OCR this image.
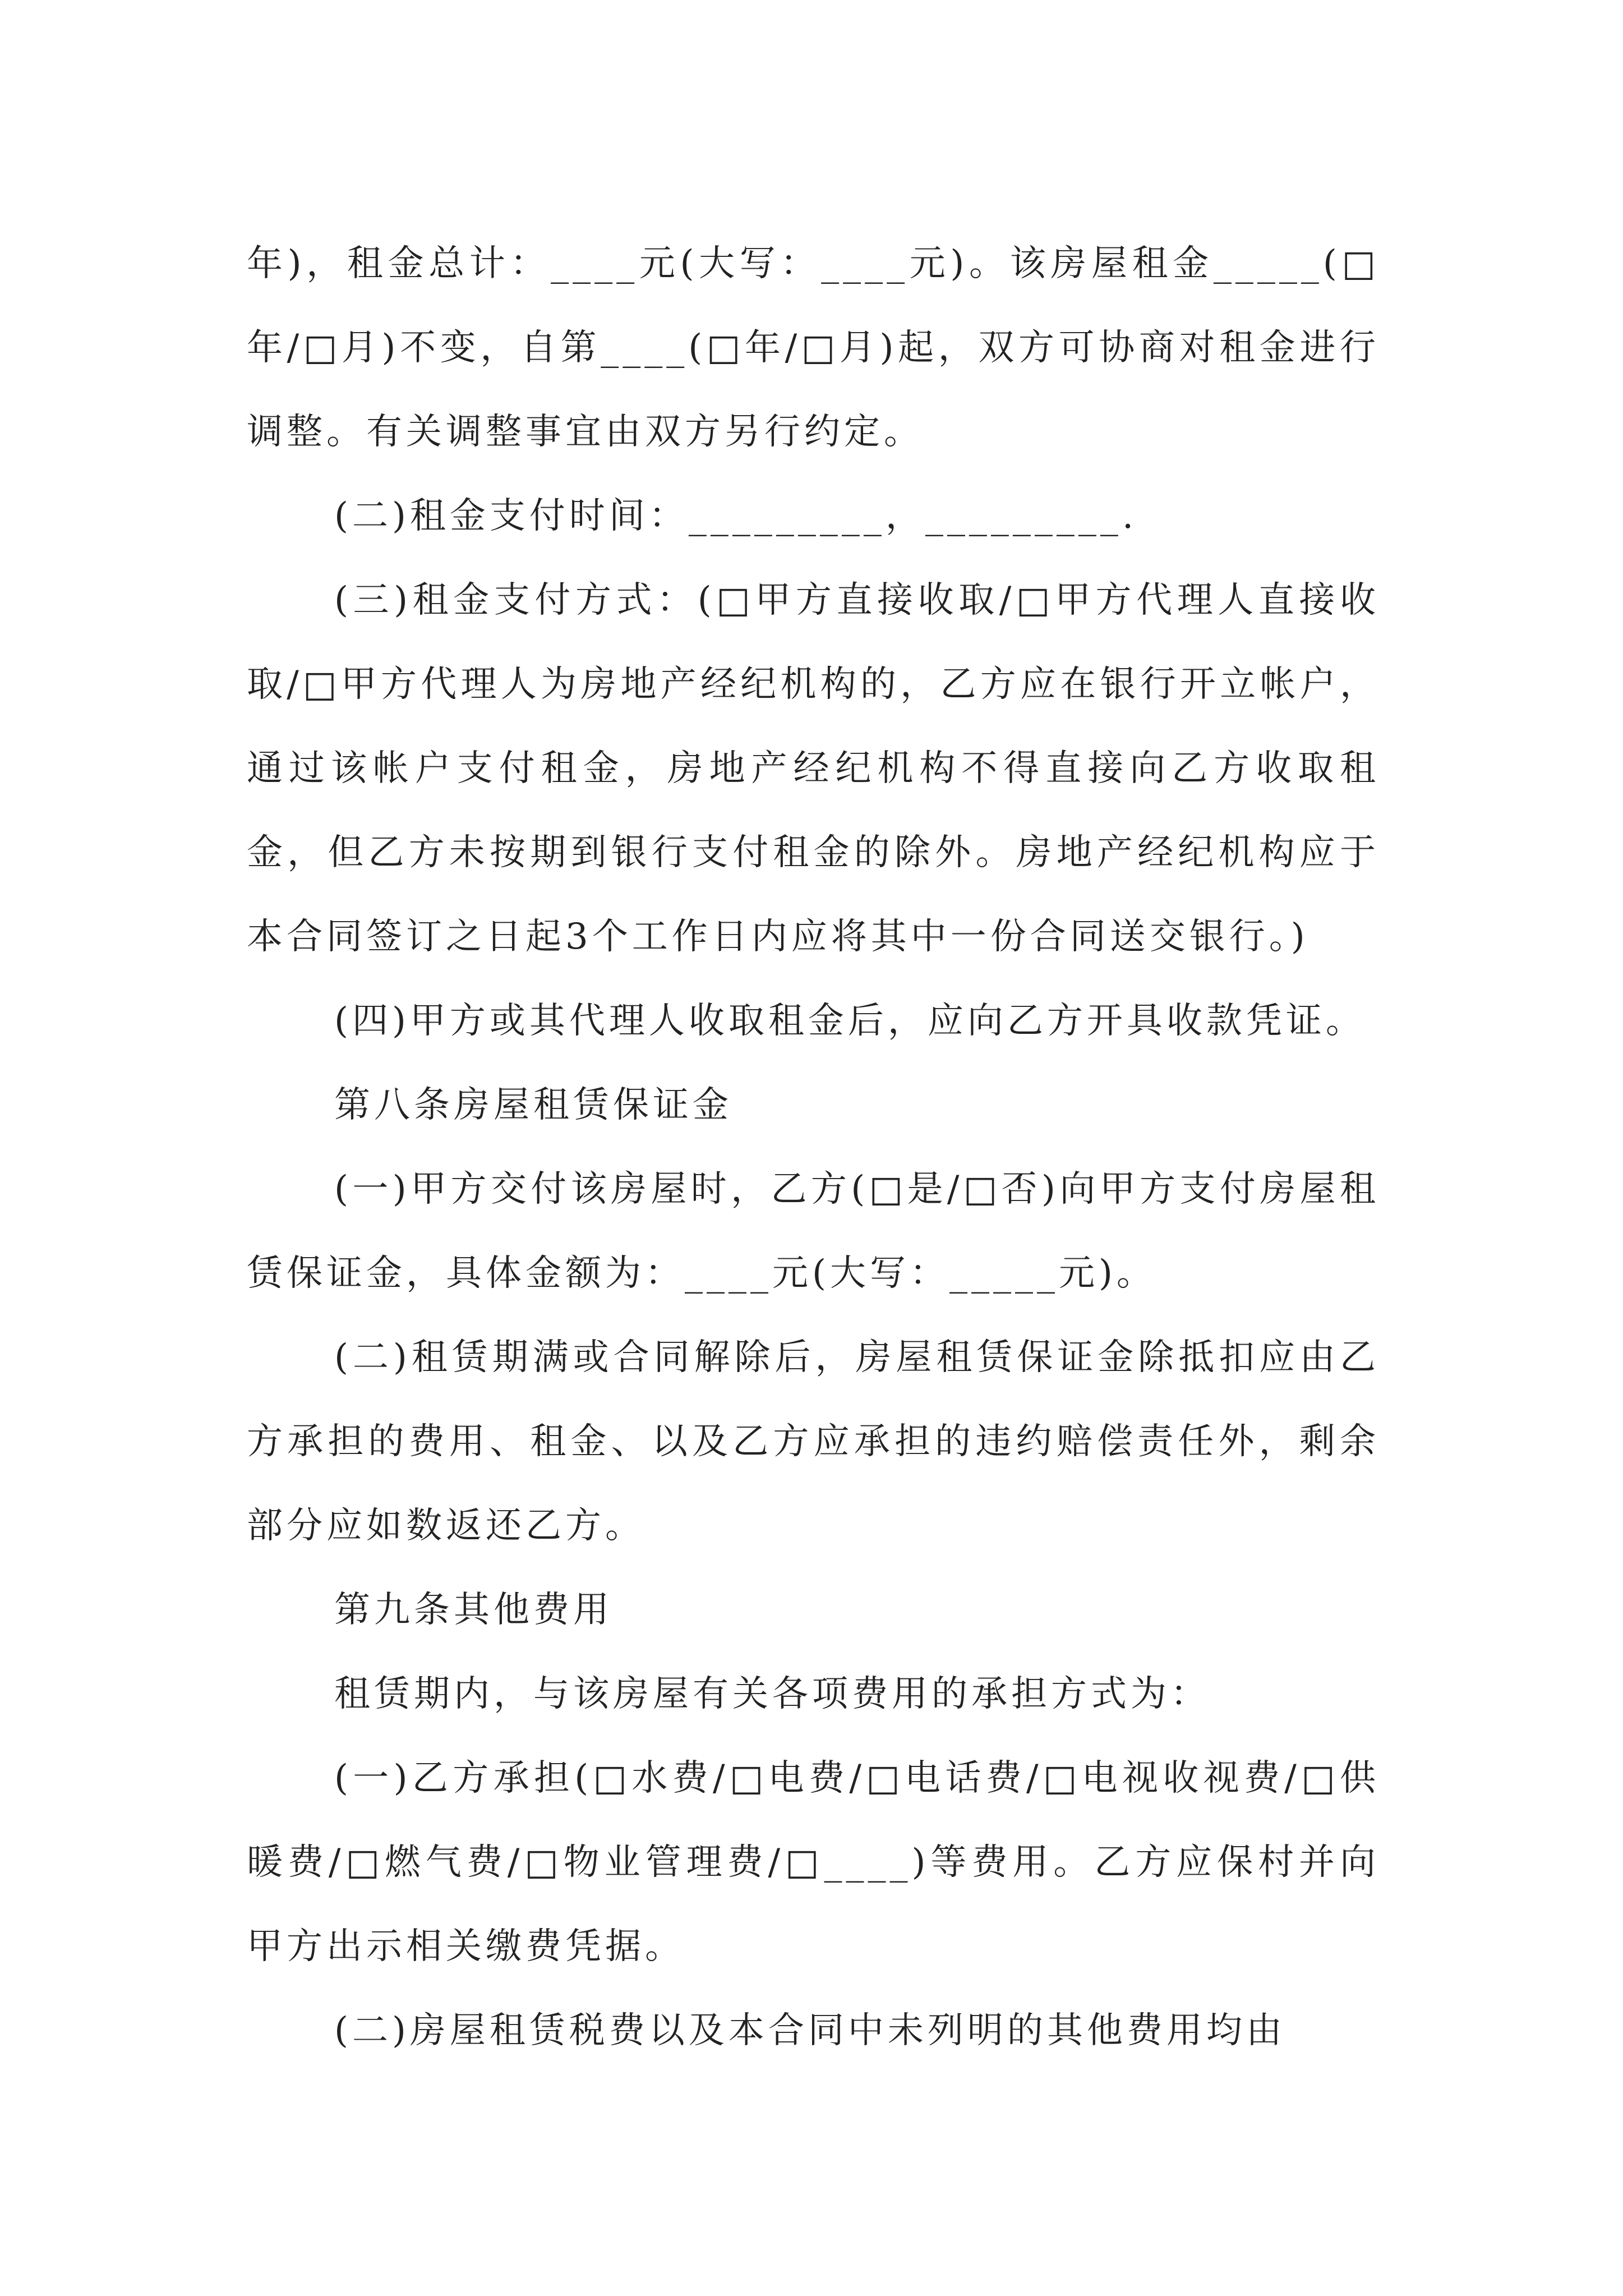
年)，租金总计：____元(大写：____元)。该房屋租金_____(□年/□月)不变，自第____(□年/□月)起，双方可协商对租金进行调整。有关调整事宜由双方另行约定。

(二)租金支付时间：_________，_________.

(三)租金支付方式：(□甲方直接收取/□甲方代理人直接收取/□甲方代理人为房地产经纪机构的，乙方应在银行开立帐户，通过该帐户支付租金，房地产经纪机构不得直接向乙方收取租金，但乙方未按期到银行支付租金的除外。房地产经纪机构应于本合同签订之日起3个工作日内应将其中一份合同送交银行。)

(四)甲方或其代理人收取租金后，应向乙方开具收款凭证。

第八条房屋租赁保证金

(一)甲方交付该房屋时，乙方(□是/□否)向甲方支付房屋租赁保证金，具体金额为：____元(大写：_____元)。

(二)租赁期满或合同解除后，房屋租赁保证金除抵扣应由乙方承担的费用、租金、以及乙方应承担的违约赔偿责任外，剩余部分应如数返还乙方。

第九条其他费用

租赁期内，与该房屋有关各项费用的承担方式为：

(一)乙方承担(□水费/□电费/□电话费/□电视收视费/□供暖费/□燃气费/□物业管理费/□____)等费用。乙方应保村并向甲方出示相关缴费凭据。

(二)房屋租赁税费以及本合同中未列明的其他费用均由
